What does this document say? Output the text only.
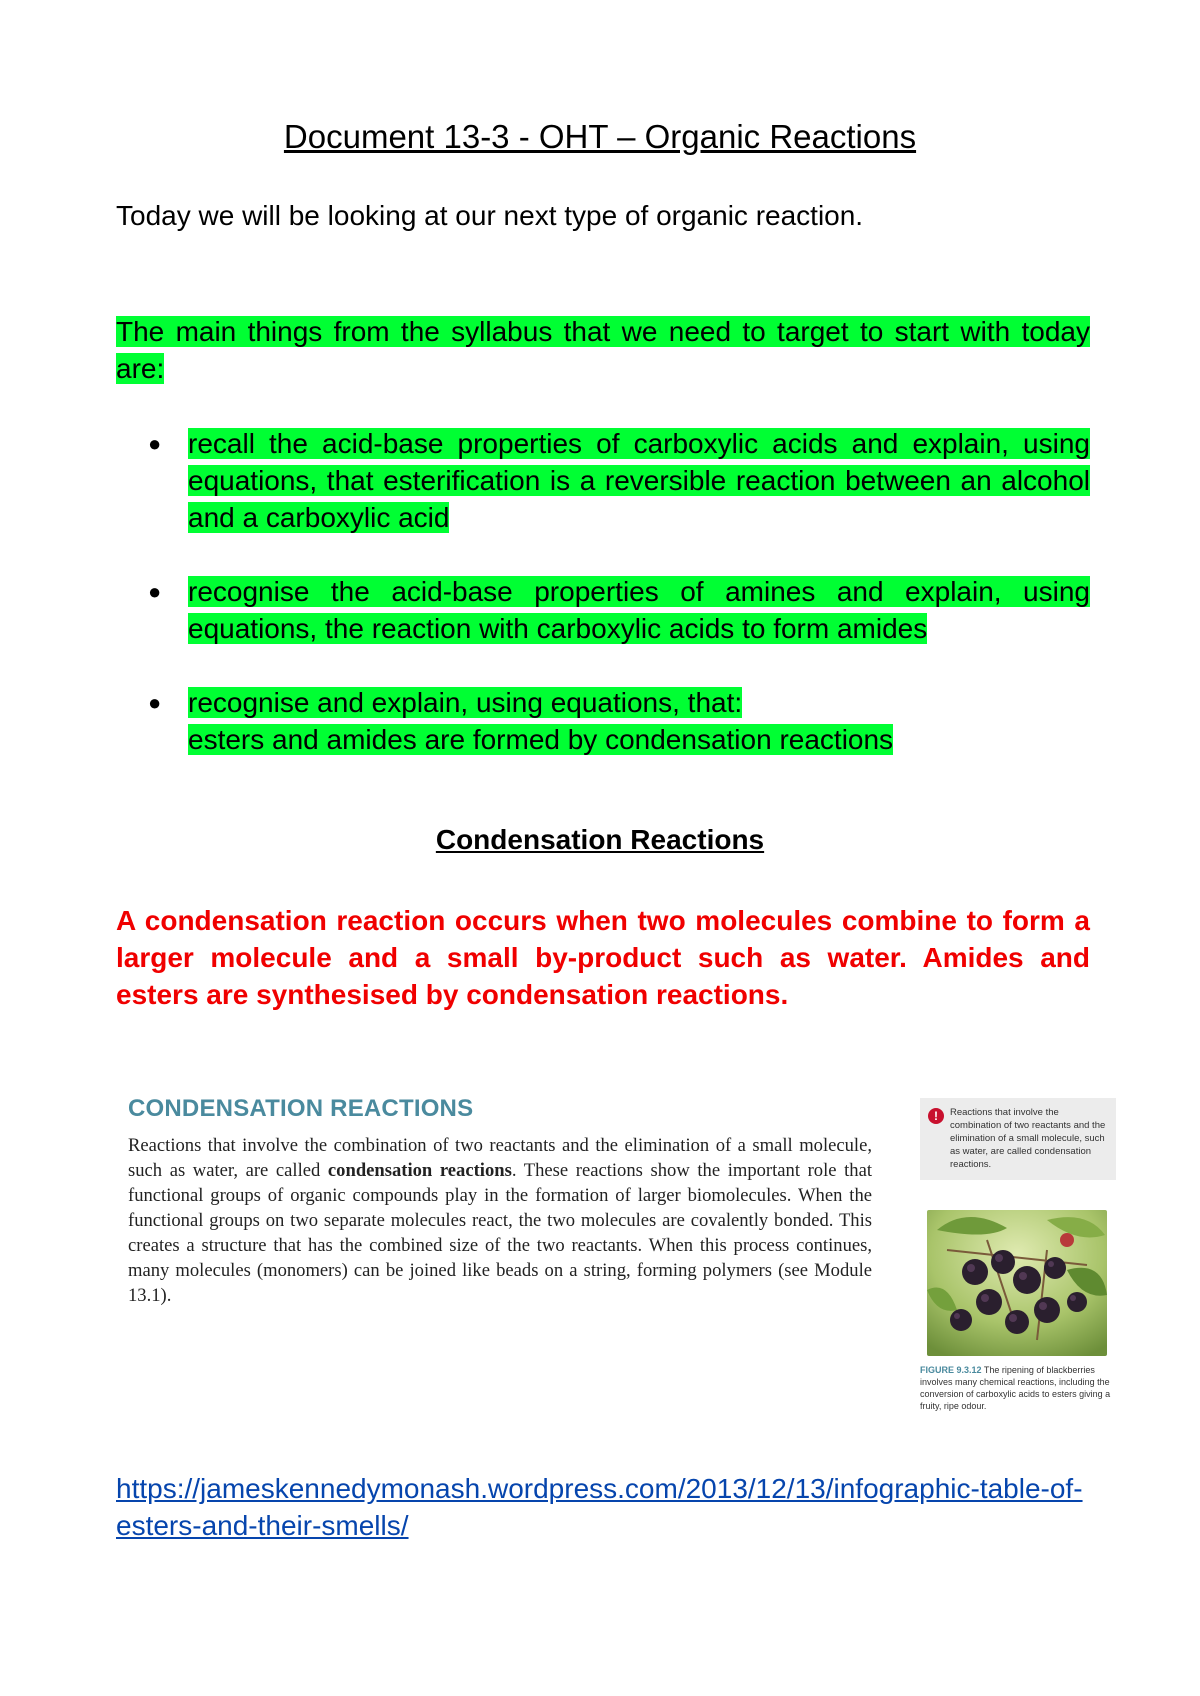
Document 13-3 - OHT – Organic Reactions
Today we will be looking at our next type of organic reaction.
The main things from the syllabus that we need to target to start with today are:
● recall the acid-base properties of carboxylic acids and explain, using equations, that esterification is a reversible reaction between an alcohol and a carboxylic acid
● recognise the acid-base properties of amines and explain, using equations, the reaction with carboxylic acids to form amides
● recognise and explain, using equations, that:
esters and amides are formed by condensation reactions
Condensation Reactions
A condensation reaction occurs when two molecules combine to form a larger molecule and a small by-product such as water. Amides and esters are synthesised by condensation reactions.
CONDENSATION REACTIONS

Reactions that involve the combination of two reactants and the elimination of a small molecule, such as water, are called condensation reactions. These reactions show the important role that functional groups of organic compounds play in the formation of larger biomolecules. When the functional groups on two separate molecules react, the two molecules are covalently bonded. This creates a structure that has the combined size of the two reactants. When this process continues, many molecules (monomers) can be joined like beads on a string, forming polymers (see Module 13.1).

!	Reactions that involve the combination of two reactants and the elimination of a small molecule, such as water, are called condensation reactions.
FIGURE 9.3.12 The ripening of blackberries involves many chemical reactions, including the conversion of carboxylic acids to esters giving a fruity, ripe odour.
https://jameskennedymonash.wordpress.com/2013/12/13/infographic-table-of-esters-and-their-smells/
